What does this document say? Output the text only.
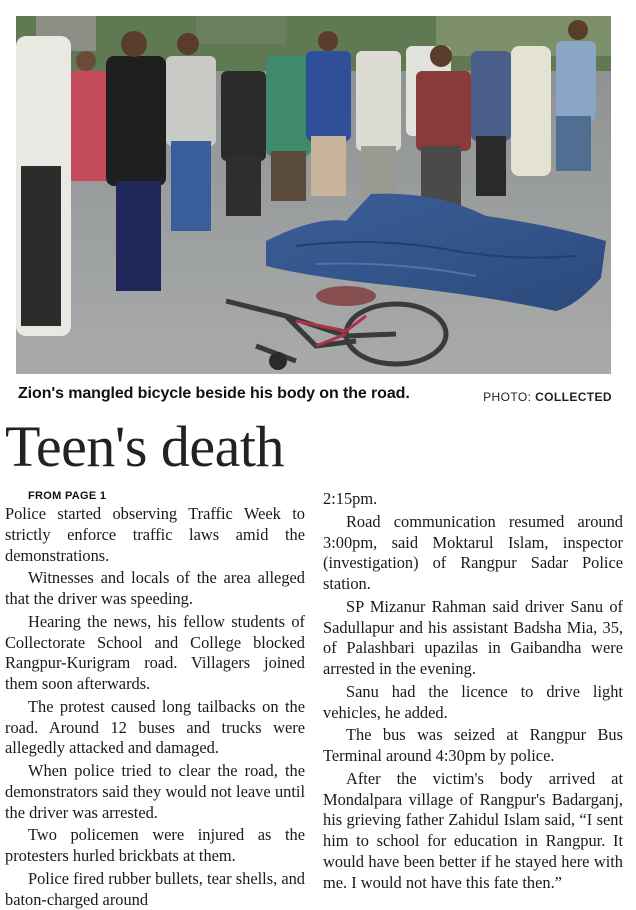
Zion's mangled bicycle beside his body on the road.	PHOTO: COLLECTED
Teen's death

FROM PAGE 1

Police started observing Traffic Week to strictly enforce traffic laws amid the demonstrations.

Witnesses and locals of the area alleged that the driver was speeding.

Hearing the news, his fellow students of Collectorate School and College blocked Rangpur-Kurigram road. Villagers joined them soon afterwards.

The protest caused long tailbacks on the road. Around 12 buses and trucks were allegedly attacked and damaged.

When police tried to clear the road, the demonstrators said they would not leave until the driver was arrested.

Two policemen were injured as the protesters hurled brickbats at them.

Police fired rubber bullets, tear shells, and baton-charged around

2:15pm.

Road communication resumed around 3:00pm, said Moktarul Islam, inspector (investigation) of Rangpur Sadar Police station.

SP Mizanur Rahman said driver Sanu of Sadullapur and his assistant Badsha Mia, 35, of Palashbari upazilas in Gaibandha were arrested in the evening.

Sanu had the licence to drive light vehicles, he added.

The bus was seized at Rangpur Bus Terminal around 4:30pm by police.

After the victim's body arrived at Mondalpara village of Rangpur's Badarganj, his grieving father Zahidul Islam said, “I sent him to school for education in Rangpur. It would have been better if he stayed here with me. I would not have this fate then.”
